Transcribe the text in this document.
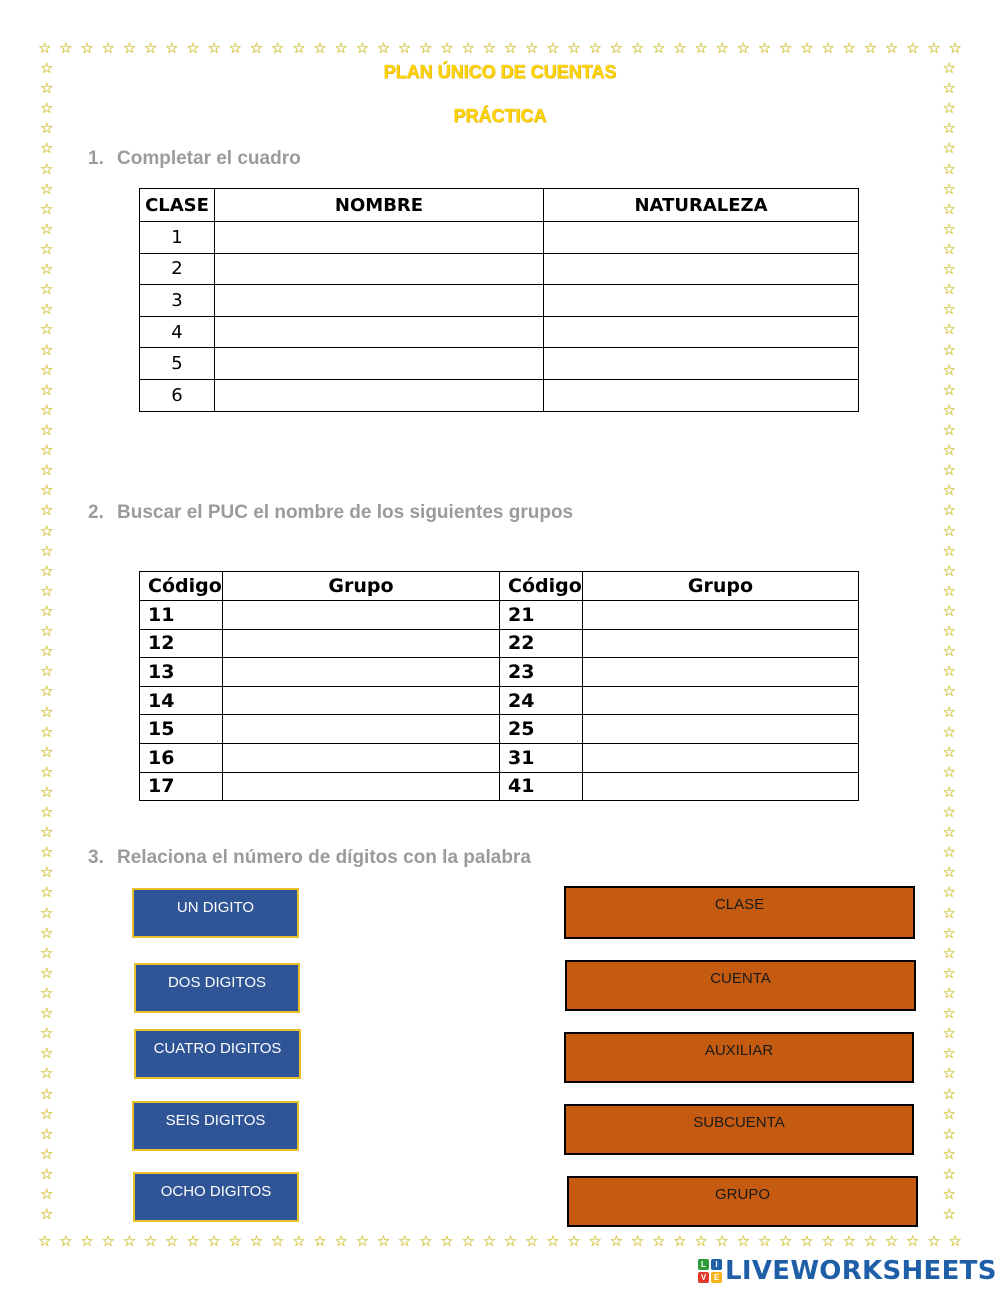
☆ ☆ ☆ ☆ ☆ ☆ ☆ ☆ ☆ ☆ ☆ ☆ ☆ ☆ ☆ ☆ ☆ ☆ ☆ ☆ ☆ ☆ ☆ ☆ ☆ ☆ ☆ ☆ ☆ ☆ ☆ ☆ ☆ ☆ ☆ ☆ ☆ ☆ ☆ ☆ ☆ ☆ ☆ ☆
☆ ☆ ☆ ☆ ☆ ☆ ☆ ☆ ☆ ☆ ☆ ☆ ☆ ☆ ☆ ☆ ☆ ☆ ☆ ☆ ☆ ☆ ☆ ☆ ☆ ☆ ☆ ☆ ☆ ☆ ☆ ☆ ☆ ☆ ☆ ☆ ☆ ☆ ☆ ☆ ☆ ☆ ☆ ☆
☆
☆
☆
☆
☆
☆
☆
☆
☆
☆
☆
☆
☆
☆
☆
☆
☆
☆
☆
☆
☆
☆
☆
☆
☆
☆
☆
☆
☆
☆
☆
☆
☆
☆
☆
☆
☆
☆
☆
☆
☆
☆
☆
☆
☆
☆
☆
☆
☆
☆
☆
☆
☆
☆
☆
☆
☆
☆
☆
☆
☆
☆
☆
☆
☆
☆
☆
☆
☆
☆
☆
☆
☆
☆
☆
☆
☆
☆
☆
☆
☆
☆
☆
☆
☆
☆
☆
☆
☆
☆
☆
☆
☆
☆
☆
☆
☆
☆
☆
☆
☆
☆
☆
☆
☆
☆
☆
☆
☆
☆
☆
☆
☆
☆
☆
☆
PLAN ÚNICO DE CUENTAS
PRÁCTICA
1. Completar el cuadro
CLASE	NOMBRE	NATURALEZA
1		
2		
3		
4		
5		
6		
2. Buscar el PUC el nombre de los siguientes grupos
Código	Grupo	Código	Grupo
11		21	
12		22	
13		23	
14		24	
15		25	
16		31	
17		41	
3. Relaciona el número de dígitos con la palabra
UN DIGITO
DOS DIGITOS
CUATRO DIGITOS
SEIS DIGITOS
OCHO DIGITOS
CLASE
CUENTA
AUXILIAR
SUBCUENTA
GRUPO
L	I
V E LIVEWORKSHEETS
